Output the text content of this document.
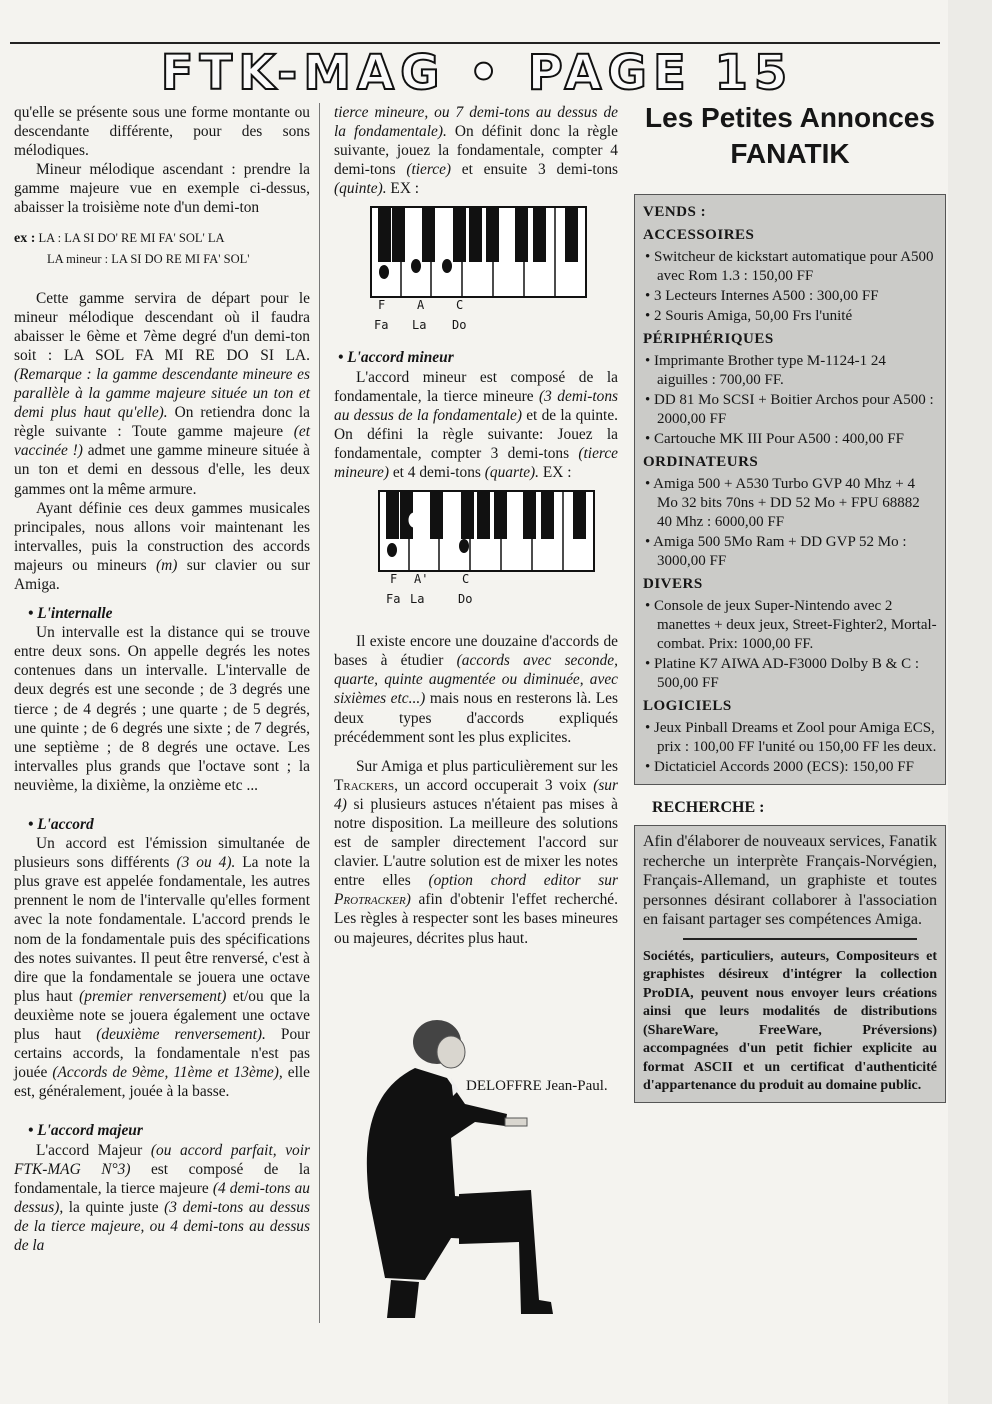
FTK-MAG • PAGE 15

qu'elle se présente sous une forme montante ou descendante différente, pour des sons mélodiques.

Mineur mélodique ascendant : prendre la gamme majeure vue en exemple ci-dessus, abaisser la troisième note d'un demi-ton

ex : LA : LA SI DO' RE MI FA' SOL' LA
LA mineur : LA SI DO RE MI FA' SOL'

Cette gamme servira de départ pour le mineur mélodique descendant où il faudra abaisser le 6ème et 7ème degré d'un demi-ton soit : LA SOL FA MI RE DO SI LA. (Remarque : la gamme descendante mineure es parallèle à la gamme majeure située un ton et demi plus haut qu'elle). On retiendra donc la règle suivante : Toute gamme majeure (et vaccinée !) admet une gamme mineure située à un ton et demi en dessous d'elle, les deux gammes ont la même armure.

Ayant définie ces deux gammes musicales principales, nous allons voir maintenant les intervalles, puis la construction des accords majeurs ou mineurs (m) sur clavier ou sur Amiga.

• L'internalle

Un intervalle est la distance qui se trouve entre deux sons. On appelle degrés les notes contenues dans un intervalle. L'intervalle de deux degrés est une seconde ; de 3 degrés une tierce ; de 4 degrés ; une quarte ; de 5 degrés, une quinte ; de 6 degrés une sixte ; de 7 degrés, une septième ; de 8 degrés une octave. Les intervalles plus grands que l'octave sont ; la neuvième, la dixième, la onzième etc ...

• L'accord

Un accord est l'émission simultanée de plusieurs sons différents (3 ou 4). La note la plus grave est appelée fondamentale, les autres prennent le nom de l'intervalle qu'elles forment avec la note fondamentale. L'accord prends le nom de la fondamentale puis des spécifications des notes suivantes. Il peut être renversé, c'est à dire que la fondamentale se jouera une octave plus haut (premier renversement) et/ou que la deuxième note se jouera également une octave plus haut (deuxième renversement). Pour certains accords, la fondamentale n'est pas jouée (Accords de 9ème, 11ème et 13ème), elle est, généralement, jouée à la basse.

• L'accord majeur

L'accord Majeur (ou accord parfait, voir FTK-MAG N°3) est composé de la fondamentale, la tierce majeure (4 demi-tons au dessus), la quinte juste (3 demi-tons au dessus de la tierce majeure, ou 4 demi-tons au dessus de la

tierce mineure, ou 7 demi-tons au dessus de la fondamentale). On définit donc la règle suivante, jouez la fondamentale, compter 4 demi-tons (tierce) et ensuite 3 demi-tons (quinte). EX :

F	A	C
Fa La Do
• L'accord mineur

L'accord mineur est composé de la fondamentale, la tierce mineure (3 demi-tons au dessus de la fondamentale) et de la quinte. On défini la règle suivante: Jouez la fondamentale, compter 3 demi-tons (tierce mineure) et 4 demi-tons (quarte). EX :

F A'	C
Fa La	Do

Il existe encore une douzaine d'accords de bases à étudier (accords avec seconde, quarte, quinte augmentée ou diminuée, avec sixièmes etc...) mais nous en resterons là. Les deux types d'accords expliqués précédemment sont les plus explicites.

Sur Amiga et plus particulièrement sur les Trackers, un accord occuperait 3 voix (sur 4) si plusieurs astuces n'étaient pas mises à notre disposition. La meilleure des solutions est de sampler directement l'accord sur clavier. L'autre solution est de mixer les notes entre elles (option chord editor sur Protracker) afin d'obtenir l'effet recherché. Les règles à respecter sont les bases mineures ou majeures, décrites plus haut.

DELOFFRE Jean-Paul.
Les Petites Annonces FANATIK
VENDS :
ACCESSOIRES
• Switcheur de kickstart automatique pour A500 avec Rom 1.3 : 150,00 FF
• 3 Lecteurs Internes A500 : 300,00 FF
• 2 Souris Amiga, 50,00 Frs l'unité
PÉRIPHÉRIQUES
• Imprimante Brother type M-1124-1 24 aiguilles : 700,00 FF.
• DD 81 Mo SCSI + Boitier Archos pour A500 : 2000,00 FF
• Cartouche MK III Pour A500 : 400,00 FF
ORDINATEURS
• Amiga 500 + A530 Turbo GVP 40 Mhz + 4 Mo 32 bits 70ns + DD 52 Mo + FPU 68882 40 Mhz : 6000,00 FF
• Amiga 500 5Mo Ram + DD GVP 52 Mo : 3000,00 FF
DIVERS
• Console de jeux Super-Nintendo avec 2 manettes + deux jeux, Street-Fighter2, Mortal-combat. Prix: 1000,00 FF.
• Platine K7 AIWA AD-F3000 Dolby B & C : 500,00 FF
LOGICIELS
• Jeux Pinball Dreams et Zool pour Amiga ECS, prix : 100,00 FF l'unité ou 150,00 FF les deux.
• Dictaticiel Accords 2000 (ECS): 150,00 FF
RECHERCHE :

Afin d'élaborer de nouveaux services, Fanatik recherche un interprète Français-Norvégien, Français-Allemand, un graphiste et toutes personnes désirant collaborer à l'association en faisant partager ses compétences Amiga.

Sociétés, particuliers, auteurs, Compositeurs et graphistes désireux d'intégrer la collection ProDIA, peuvent nous envoyer leurs créations ainsi que leurs modalités de distributions (ShareWare, FreeWare, Préversions) accompagnées d'un petit fichier explicite au format ASCII et un certificat d'authenticité d'appartenance du produit au domaine public.
